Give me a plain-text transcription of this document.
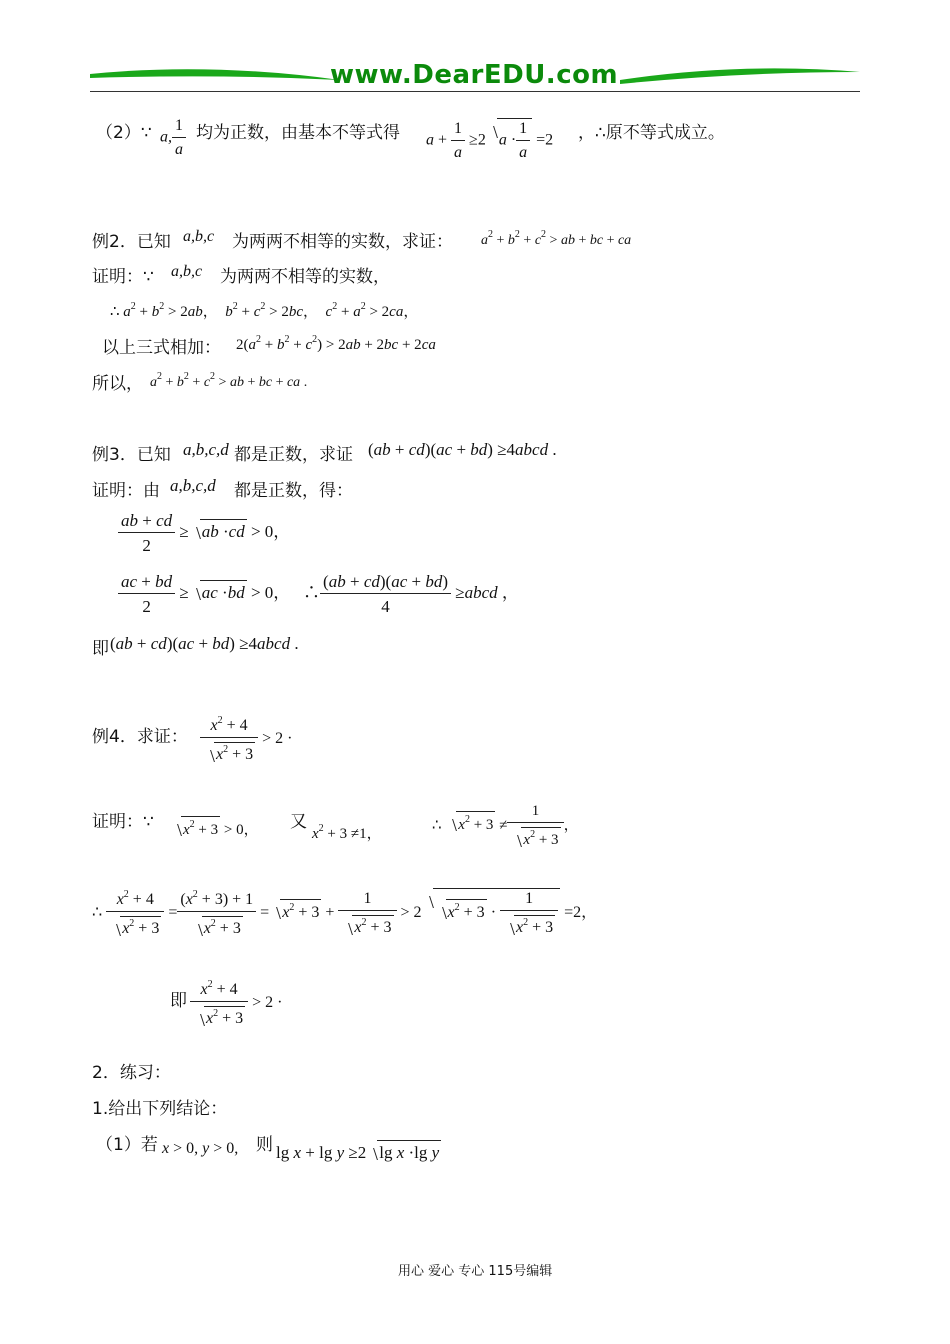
www.DearEDU.com
（2）∵ a, $\frac{1}{a}$ 均为正数，由基本不等式得 $a + \frac{1}{a} \ge 2$ $a \cdot \frac{1}{a} =2$ ，∴原不等式成立。
例2．已知 a,b,c 为两两不相等的实数，求证： $a^2 + b^2 + c^2$ > ab + bc + ca
证明：∵ a,b,c 为两两不相等的实数，
∴ $a^2 + b^2 > 2ab$，  $b^2 + c^2 > 2bc$，  $c^2 + a^2 > 2ca$，
以上三式相加： $2(a^2 + b^2 + c^2) > 2ab + 2bc + 2ca$
所以， $a^2 + b^2 + c^2$ > ab + bc + ca .
例3．已知 a,b,c,d 都是正数，求证 (ab + cd)(ac + bd) ≥4abcd .
证明：由 a,b,c,d 都是正数，得：
$\frac{ab + cd}{2}$ ≥ ab ·cd > 0，
$\frac{ac + bd}{2}$ ≥ ac ·bd > 0，   ∴ $\frac{(ab + cd)(ac + bd)}{4}$ ≥abcd ，
即 (ab + cd)(ac + bd) ≥4abcd .
例4．求证： $\frac{x^2 + 4}{x^2 + 3} > 2$ ·
证明：∵	$x^2 + 3 > 0$， 又
$x^2 + 3 \ne 1$，
∴ $x^2 + 3 \ne \frac{1}{x^2 + 3}$ ，
∴ $\frac{x^2 + 4}{x^2 + 3} = \frac{(x^2 + 3) + 1}{x^2 + 3} = x^2 + 3 + \frac{1}{x^2 + 3} > 2$ $x^2 + 3 \cdot \frac{1}{x^2 + 3} =2$，
即 $\frac{x^2 + 4}{x^2 + 3} > 2$ ·
2．练习：
1.给出下列结论：
（1）若 x > 0, y > 0, 则 lg x + lg y ≥2 lg x ·lg y
用心 爱心 专心 115号编辑
